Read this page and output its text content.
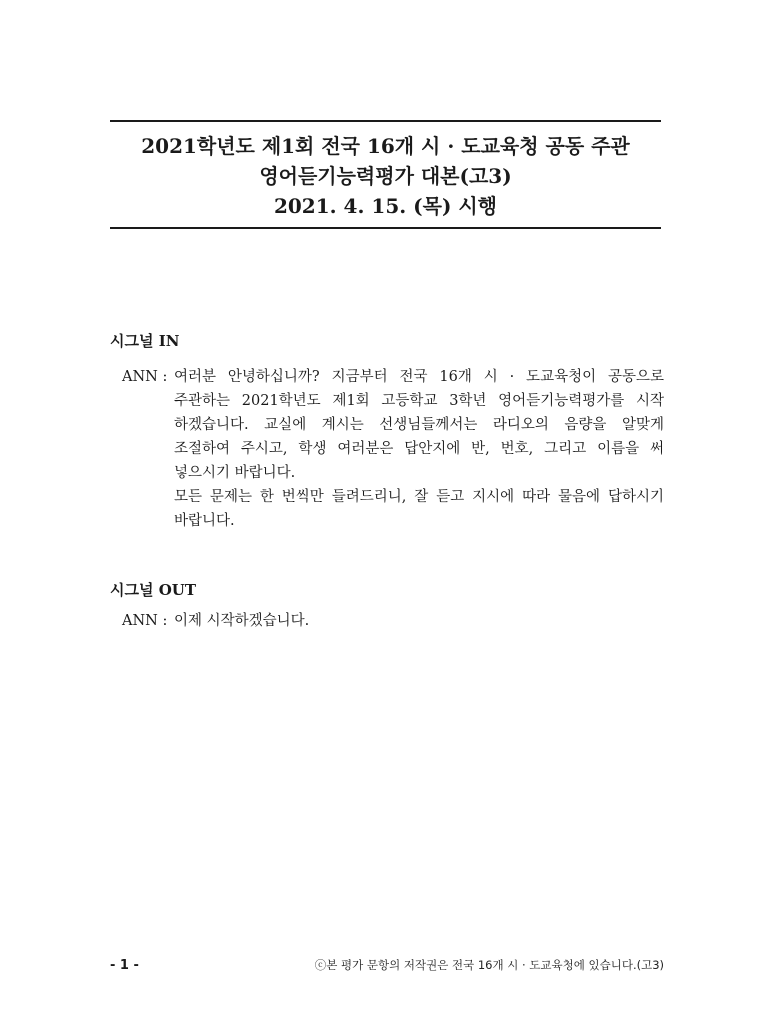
2021학년도 제1회 전국 16개 시 · 도교육청 공동 주관
영어듣기능력평가 대본(고3)
2021. 4. 15. (목) 시행
시그널 IN
ANN : 여러분 안녕하십니까? 지금부터 전국 16개 시 · 도교육청이 공동으로
주관하는 2021학년도 제1회 고등학교 3학년 영어듣기능력평가를 시작
하겠습니다. 교실에 계시는 선생님들께서는 라디오의 음량을 알맞게
조절하여 주시고, 학생 여러분은 답안지에 반, 번호, 그리고 이름을 써
넣으시기 바랍니다.
모든 문제는 한 번씩만 들려드리니, 잘 듣고 지시에 따라 물음에 답하시기
바랍니다.
시그널 OUT
ANN : 이제 시작하겠습니다.
- 1 -	ⓒ본 평가 문항의 저작권은 전국 16개 시 · 도교육청에 있습니다.(고3)
